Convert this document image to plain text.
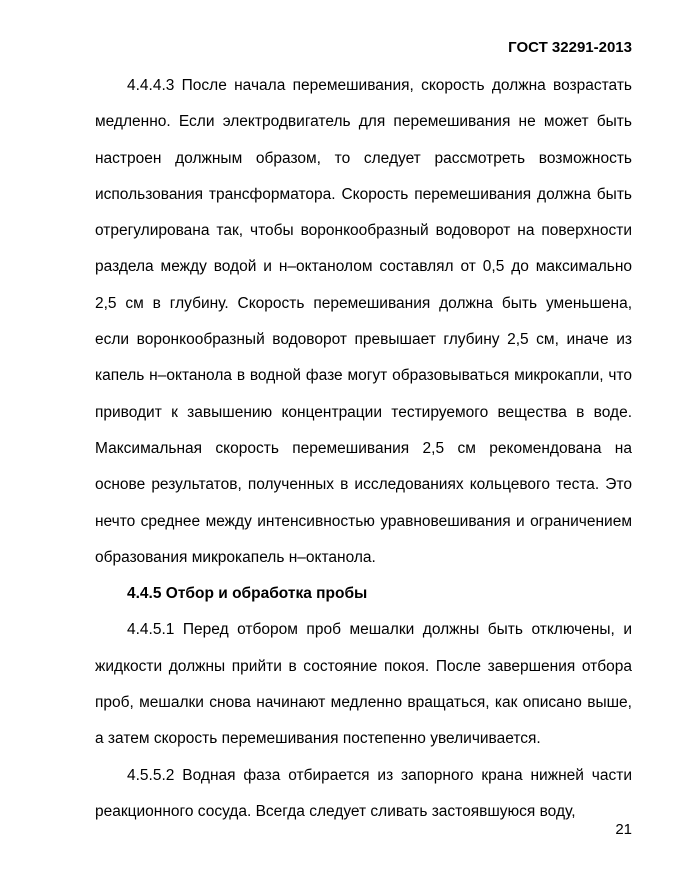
ГОСТ 32291-2013

4.4.4.3 После начала перемешивания, скорость должна возрастать медленно. Если электродвигатель для перемешивания не может быть настроен должным образом, то следует рассмотреть возможность использования трансформатора. Скорость перемешивания должна быть отрегулирована так, чтобы воронкообразный водоворот на поверхности раздела между водой и н–октанолом составлял от 0,5 до максимально 2,5 см в глубину. Скорость перемешивания должна быть уменьшена, если воронкообразный водоворот превышает глубину 2,5 см, иначе из капель н–октанола в водной фазе могут образовываться микрокапли, что приводит к завышению концентрации тестируемого вещества в воде. Максимальная скорость перемешивания 2,5 см рекомендована на основе результатов, полученных в исследованиях кольцевого теста. Это нечто среднее между интенсивностью уравновешивания и ограничением образования микрокапель н–октанола.

4.4.5 Отбор и обработка пробы

4.4.5.1 Перед отбором проб мешалки должны быть отключены, и жидкости должны прийти в состояние покоя. После завершения отбора проб, мешалки снова начинают медленно вращаться, как описано выше, а затем скорость перемешивания постепенно увеличивается.

4.5.5.2 Водная фаза отбирается из запорного крана нижней части реакционного сосуда. Всегда следует сливать застоявшуюся воду,

21
